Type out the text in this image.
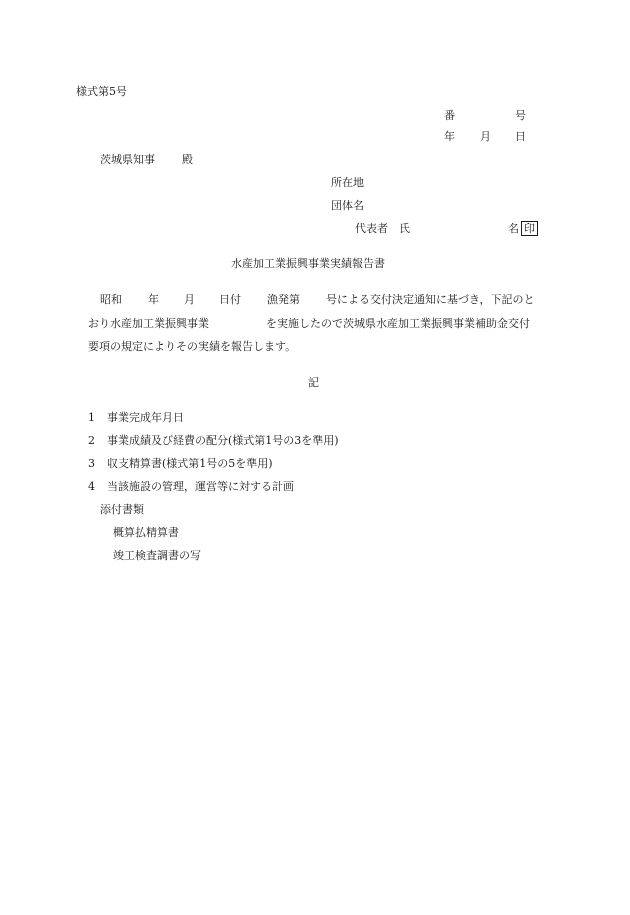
様式第5号
番	号
年 月 日
茨城県知事 殿
所在地
団体名
代表者　氏	名 印
水産加工業振興事業実績報告書
昭和 年 月 日付 漁発第 号による交付決定通知に基づき，下記のと
おり水産加工業振興事業	を実施したので茨城県水産加工業振興事業補助金交付
要項の規定によりその実績を報告します。
記
1 事業完成年月日
2 事業成績及び経費の配分(様式第1号の3を準用)
3 収支精算書(様式第1号の5を準用)
4 当該施設の管理，運営等に対する計画
添付書類
概算払精算書
竣工検査調書の写
